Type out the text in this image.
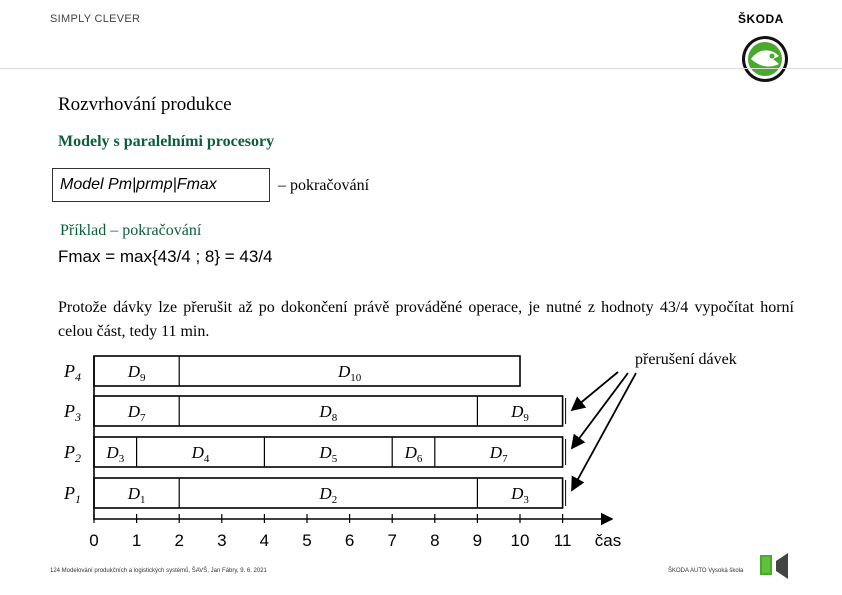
SIMPLY CLEVER	ŠKODA
Rozvrhování produkce
Modely s paralelními procesory
Model Pm|prmp|Fmax	– pokračování
Příklad – pokračování
Fmax = max{43/4 ; 8} = 43/4
Protože dávky lze přerušit až po dokončení právě prováděné operace, je nutné z hodnoty 43/4 vypočítat horní celou část, tedy 11 min.
přerušení dávek
$P_4$	$D_9$	$D_{10}$
$P_3$	$D_7$	$D_8$	$D_9$
$P_2$ $D_3$	$D_4$	$D_5$	$D_6$	$D_7$
$P_1$	$D_1$	$D_2$	$D_3$
0 1 2 3 4 5 6 7 8 9 10 11 čas
124 Modelování produkčních a logistických systémů, ŠAVŠ, Jan Fábry, 9. 6. 2021	ŠKODA AUTO Vysoká škola
